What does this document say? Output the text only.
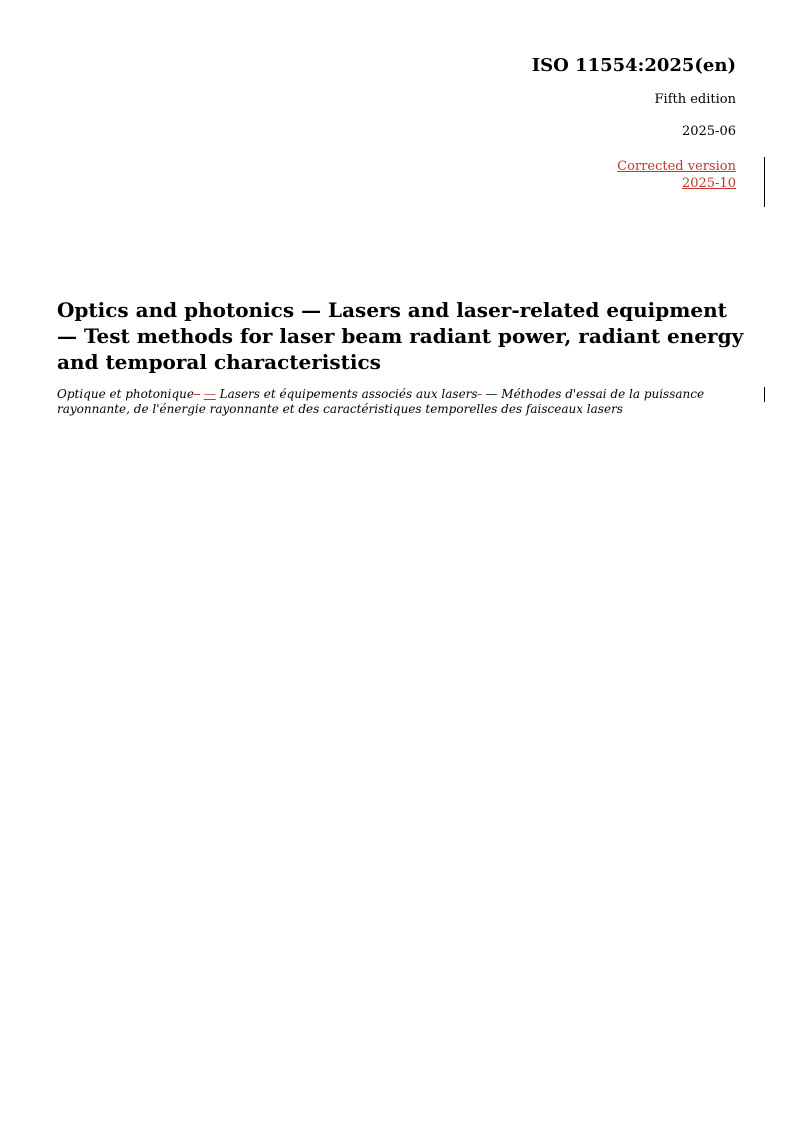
ISO 11554:2025(en)
Fifth edition
2025-06
Corrected version
2025-10
Optics and photonics — Lasers and laser-related equipment — Test methods for laser beam radiant power, radiant energy and temporal characteristics

Optique et photonique– — Lasers et équipements associés aux lasers- — Méthodes d'essai de la puissance rayonnante, de l'énergie rayonnante et des caractéristiques temporelles des faisceaux lasers
